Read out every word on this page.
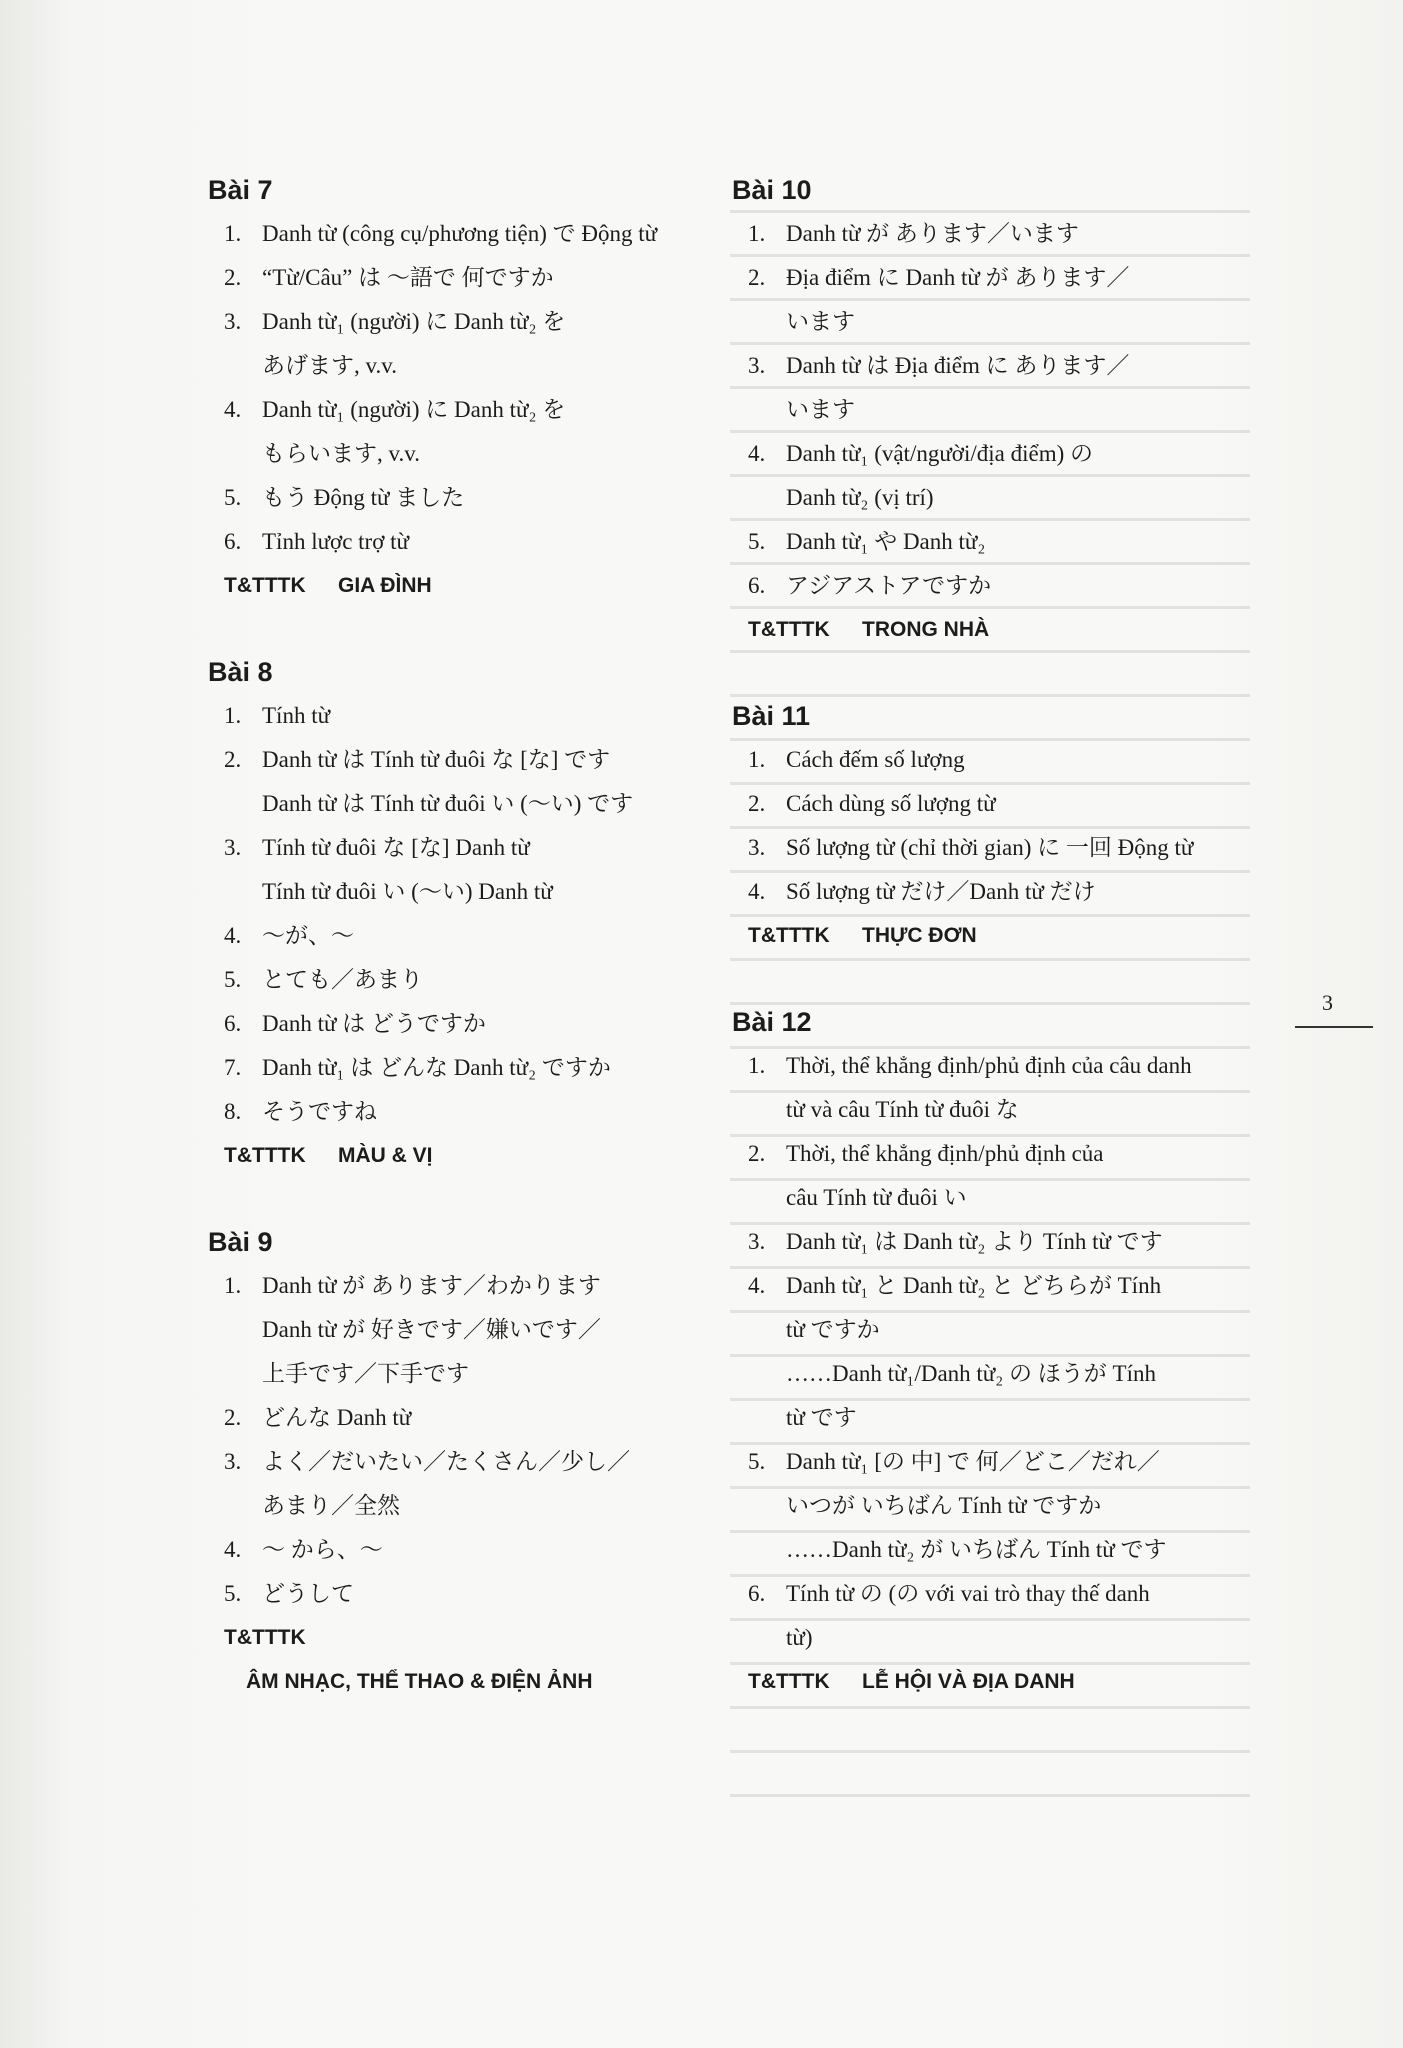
Bài 7
1. Danh từ (công cụ/phương tiện) で Động từ
2. “Từ/Câu” は ～語で 何ですか
3. Danh từ₁ (người) に Danh từ₂ を
あげます, v.v.
4. Danh từ₁ (người) に Danh từ₂ を
もらいます, v.v.
5. もう Động từ ました
6. Tỉnh lược trợ từ
T&TTTK GIA ĐÌNH
Bài 8
1. Tính từ
2. Danh từ は Tính từ đuôi な [な] です
Danh từ は Tính từ đuôi い (～い) です
3. Tính từ đuôi な [な] Danh từ
Tính từ đuôi い (～い) Danh từ
4. ～が、～
5. とても／あまり
6. Danh từ は どうですか
7. Danh từ₁ は どんな Danh từ₂ ですか
8. そうですね
T&TTTK MÀU & VỊ
Bài 9
1. Danh từ が あります／わかります
Danh từ が 好きです／嫌いです／
上手です／下手です
2. どんな Danh từ
3. よく／だいたい／たくさん／少し／
あまり／全然
4. ～ から、～
5. どうして
T&TTTK
ÂM NHẠC, THỂ THAO & ĐIỆN ẢNH
Bài 10
1. Danh từ が あります／います
2. Địa điểm に Danh từ が あります／
います
3. Danh từ は Địa điểm に あります／
います
4. Danh từ₁ (vật/người/địa điểm) の
Danh từ₂ (vị trí)
5. Danh từ₁ や Danh từ₂
6. アジアストアですか
T&TTTK TRONG NHÀ
Bài 11
1. Cách đếm số lượng
2. Cách dùng số lượng từ
3. Số lượng từ (chỉ thời gian) に 一回 Động từ
4. Số lượng từ だけ／Danh từ だけ
T&TTTK THỰC ĐƠN
Bài 12
1. Thời, thể khẳng định/phủ định của câu danh
từ và câu Tính từ đuôi な
2. Thời, thể khẳng định/phủ định của
câu Tính từ đuôi い
3. Danh từ₁ は Danh từ₂ より Tính từ です
4. Danh từ₁ と Danh từ₂ と どちらが Tính
từ ですか
……Danh từ₁/Danh từ₂ の ほうが Tính
từ です
5. Danh từ₁ [の 中] で 何／どこ／だれ／
いつが いちばん Tính từ ですか
……Danh từ₂ が いちばん Tính từ です
6. Tính từ の (の với vai trò thay thế danh
từ)
T&TTTK LỄ HỘI VÀ ĐỊA DANH
3
